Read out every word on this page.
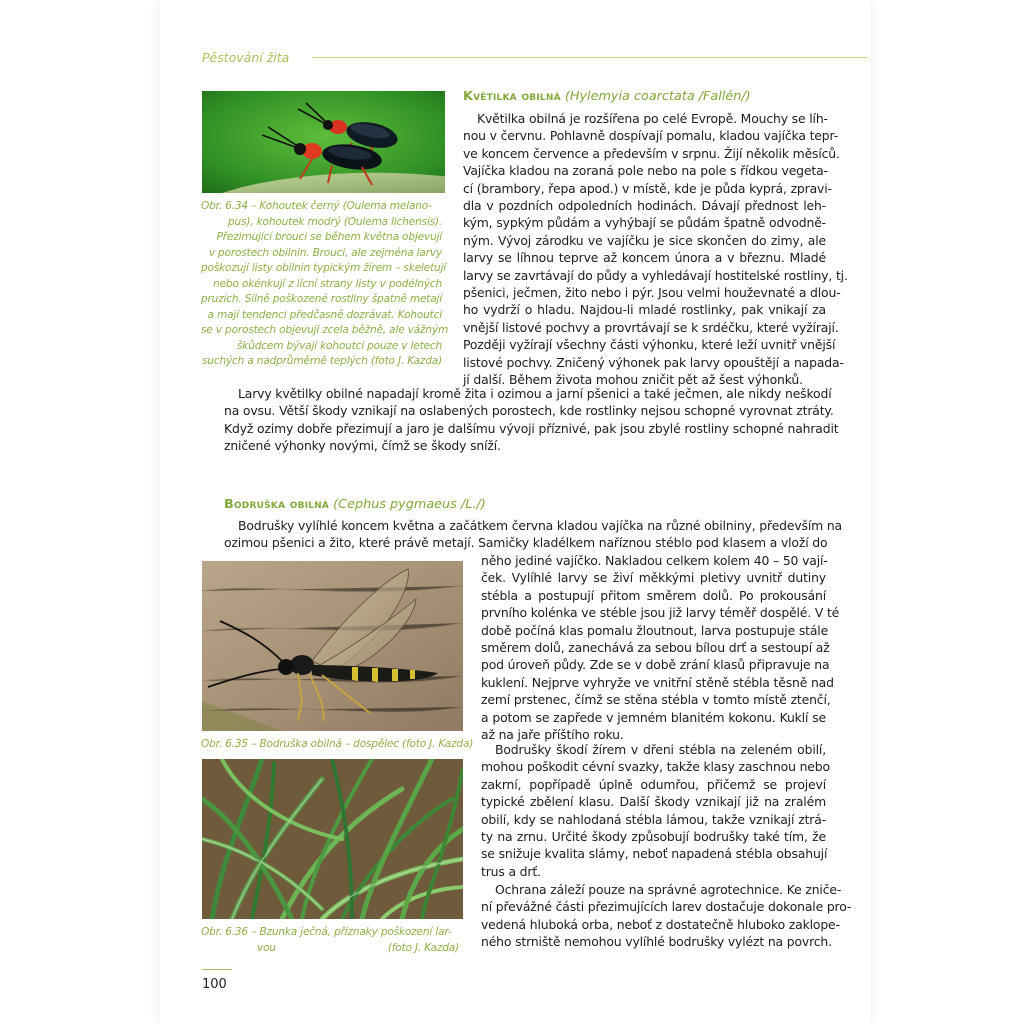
Pěstování žita
Obr. 6.34 – Kohoutek černý (Oulema melano-
pus), kohoutek modrý (Oulema lichensis).
Přezimující brouci se během května objevují
v porostech obilnin. Brouci, ale zejména larvy
poškozují listy obilnin typickým žírem – skeletují
nebo okénkují z lícní strany listy v podélných
pruzích. Silně poškozené rostliny špatně metají
a mají tendenci předčasně dozrávat. Kohoutci
se v porostech objevují zcela běžně, ale vážným
škůdcem bývají kohoutci pouze v letech
suchých a nadprůměrně teplých (foto J. Kazda)
Květilka obilná (Hylemyia coarctata /Fallén/)
Květilka obilná je rozšířena po celé Evropě. Mouchy se líh-
nou v červnu. Pohlavně dospívají pomalu, kladou vajíčka tepr-
ve koncem července a především v srpnu. Žijí několik měsíců.
Vajíčka kladou na zoraná pole nebo na pole s řídkou vegeta-
cí (brambory, řepa apod.) v místě, kde je půda kyprá, zpravi-
dla v pozdních odpoledních hodinách. Dávají přednost leh-
kým, sypkým půdám a vyhýbají se půdám špatně odvodně-
ným. Vývoj zárodku ve vajíčku je sice skončen do zimy, ale
larvy se líhnou teprve až koncem února a v březnu. Mladé
larvy se zavrtávají do půdy a vyhledávají hostitelské rostliny, tj.
pšenici, ječmen, žito nebo i pýr. Jsou velmi houževnaté a dlou-
ho vydrží o hladu. Najdou-li mladé rostlinky, pak vnikají za
vnější listové pochvy a provrtávají se k srdéčku, které vyžírají.
Později vyžírají všechny části výhonku, které leží uvnitř vnější
listové pochvy. Zničený výhonek pak larvy opouštějí a napada-
jí další. Během života mohou zničit pět až šest výhonků.
Larvy květilky obilné napadají kromě žita i ozimou a jarní pšenici a také ječmen, ale nikdy neškodí
na ovsu. Větší škody vznikají na oslabených porostech, kde rostlinky nejsou schopné vyrovnat ztráty.
Když ozimy dobře přezimují a jaro je dalšímu vývoji příznivé, pak jsou zbylé rostliny schopné nahradit
zničené výhonky novými, čímž se škody sníží.
Bodruška obilná (Cephus pygmaeus /L./)
Bodrušky vylíhlé koncem května a začátkem června kladou vajíčka na různé obilniny, především na
ozimou pšenici a žito, které právě metají. Samičky kladélkem naříznou stéblo pod klasem a vloží do
Obr. 6.35 – Bodruška obilná – dospělec (foto J. Kazda)
Obr. 6.36 – Bzunka ječná, příznaky poškození lar-
vou	(foto J. Kazda)
něho jediné vajíčko. Nakladou celkem kolem 40 – 50 vají-
ček. Vylíhlé larvy se živí měkkými pletivy uvnitř dutiny
stébla a postupují přitom směrem dolů. Po prokousání
prvního kolénka ve stéble jsou již larvy téměř dospělé. V té
době počíná klas pomalu žloutnout, larva postupuje stále
směrem dolů, zanechává za sebou bílou drť a sestoupí až
pod úroveň půdy. Zde se v době zrání klasů připravuje na
kuklení. Nejprve vyhryže ve vnitřní stěně stébla těsně nad
zemí prstenec, čímž se stěna stébla v tomto místě ztenčí,
a potom se zapřede v jemném blanitém kokonu. Kuklí se
až na jaře příštího roku.
Bodrušky škodí žírem v dřeni stébla na zeleném obilí,
mohou poškodit cévní svazky, takže klasy zaschnou nebo
zakrní, popřípadě úplně odumřou, přičemž se projeví
typické zbělení klasu. Další škody vznikají již na zralém
obilí, kdy se nahlodaná stébla lámou, takže vznikají ztrá-
ty na zrnu. Určité škody způsobují bodrušky také tím, že
se snižuje kvalita slámy, neboť napadená stébla obsahují
trus a drť.
Ochrana záleží pouze na správné agrotechnice. Ke zniče-
ní převážné části přezimujících larev dostačuje dokonale pro-
vedená hluboká orba, neboť z dostatečně hluboko zaklope-
ného strniště nemohou vylíhlé bodrušky vylézt na povrch.
100
